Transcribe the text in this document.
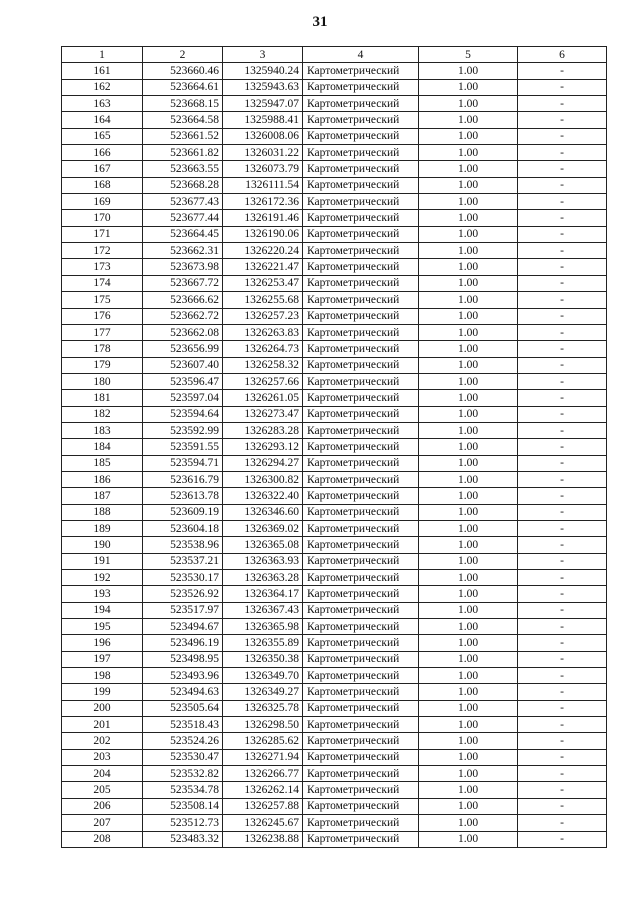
31
1	2	3	4	5	6
161	523660.46	1325940.24	Картометрический	1.00	-
162	523664.61	1325943.63	Картометрический	1.00	-
163	523668.15	1325947.07	Картометрический	1.00	-
164	523664.58	1325988.41	Картометрический	1.00	-
165	523661.52	1326008.06	Картометрический	1.00	-
166	523661.82	1326031.22	Картометрический	1.00	-
167	523663.55	1326073.79	Картометрический	1.00	-
168	523668.28	1326111.54	Картометрический	1.00	-
169	523677.43	1326172.36	Картометрический	1.00	-
170	523677.44	1326191.46	Картометрический	1.00	-
171	523664.45	1326190.06	Картометрический	1.00	-
172	523662.31	1326220.24	Картометрический	1.00	-
173	523673.98	1326221.47	Картометрический	1.00	-
174	523667.72	1326253.47	Картометрический	1.00	-
175	523666.62	1326255.68	Картометрический	1.00	-
176	523662.72	1326257.23	Картометрический	1.00	-
177	523662.08	1326263.83	Картометрический	1.00	-
178	523656.99	1326264.73	Картометрический	1.00	-
179	523607.40	1326258.32	Картометрический	1.00	-
180	523596.47	1326257.66	Картометрический	1.00	-
181	523597.04	1326261.05	Картометрический	1.00	-
182	523594.64	1326273.47	Картометрический	1.00	-
183	523592.99	1326283.28	Картометрический	1.00	-
184	523591.55	1326293.12	Картометрический	1.00	-
185	523594.71	1326294.27	Картометрический	1.00	-
186	523616.79	1326300.82	Картометрический	1.00	-
187	523613.78	1326322.40	Картометрический	1.00	-
188	523609.19	1326346.60	Картометрический	1.00	-
189	523604.18	1326369.02	Картометрический	1.00	-
190	523538.96	1326365.08	Картометрический	1.00	-
191	523537.21	1326363.93	Картометрический	1.00	-
192	523530.17	1326363.28	Картометрический	1.00	-
193	523526.92	1326364.17	Картометрический	1.00	-
194	523517.97	1326367.43	Картометрический	1.00	-
195	523494.67	1326365.98	Картометрический	1.00	-
196	523496.19	1326355.89	Картометрический	1.00	-
197	523498.95	1326350.38	Картометрический	1.00	-
198	523493.96	1326349.70	Картометрический	1.00	-
199	523494.63	1326349.27	Картометрический	1.00	-
200	523505.64	1326325.78	Картометрический	1.00	-
201	523518.43	1326298.50	Картометрический	1.00	-
202	523524.26	1326285.62	Картометрический	1.00	-
203	523530.47	1326271.94	Картометрический	1.00	-
204	523532.82	1326266.77	Картометрический	1.00	-
205	523534.78	1326262.14	Картометрический	1.00	-
206	523508.14	1326257.88	Картометрический	1.00	-
207	523512.73	1326245.67	Картометрический	1.00	-
208	523483.32	1326238.88	Картометрический	1.00	-
